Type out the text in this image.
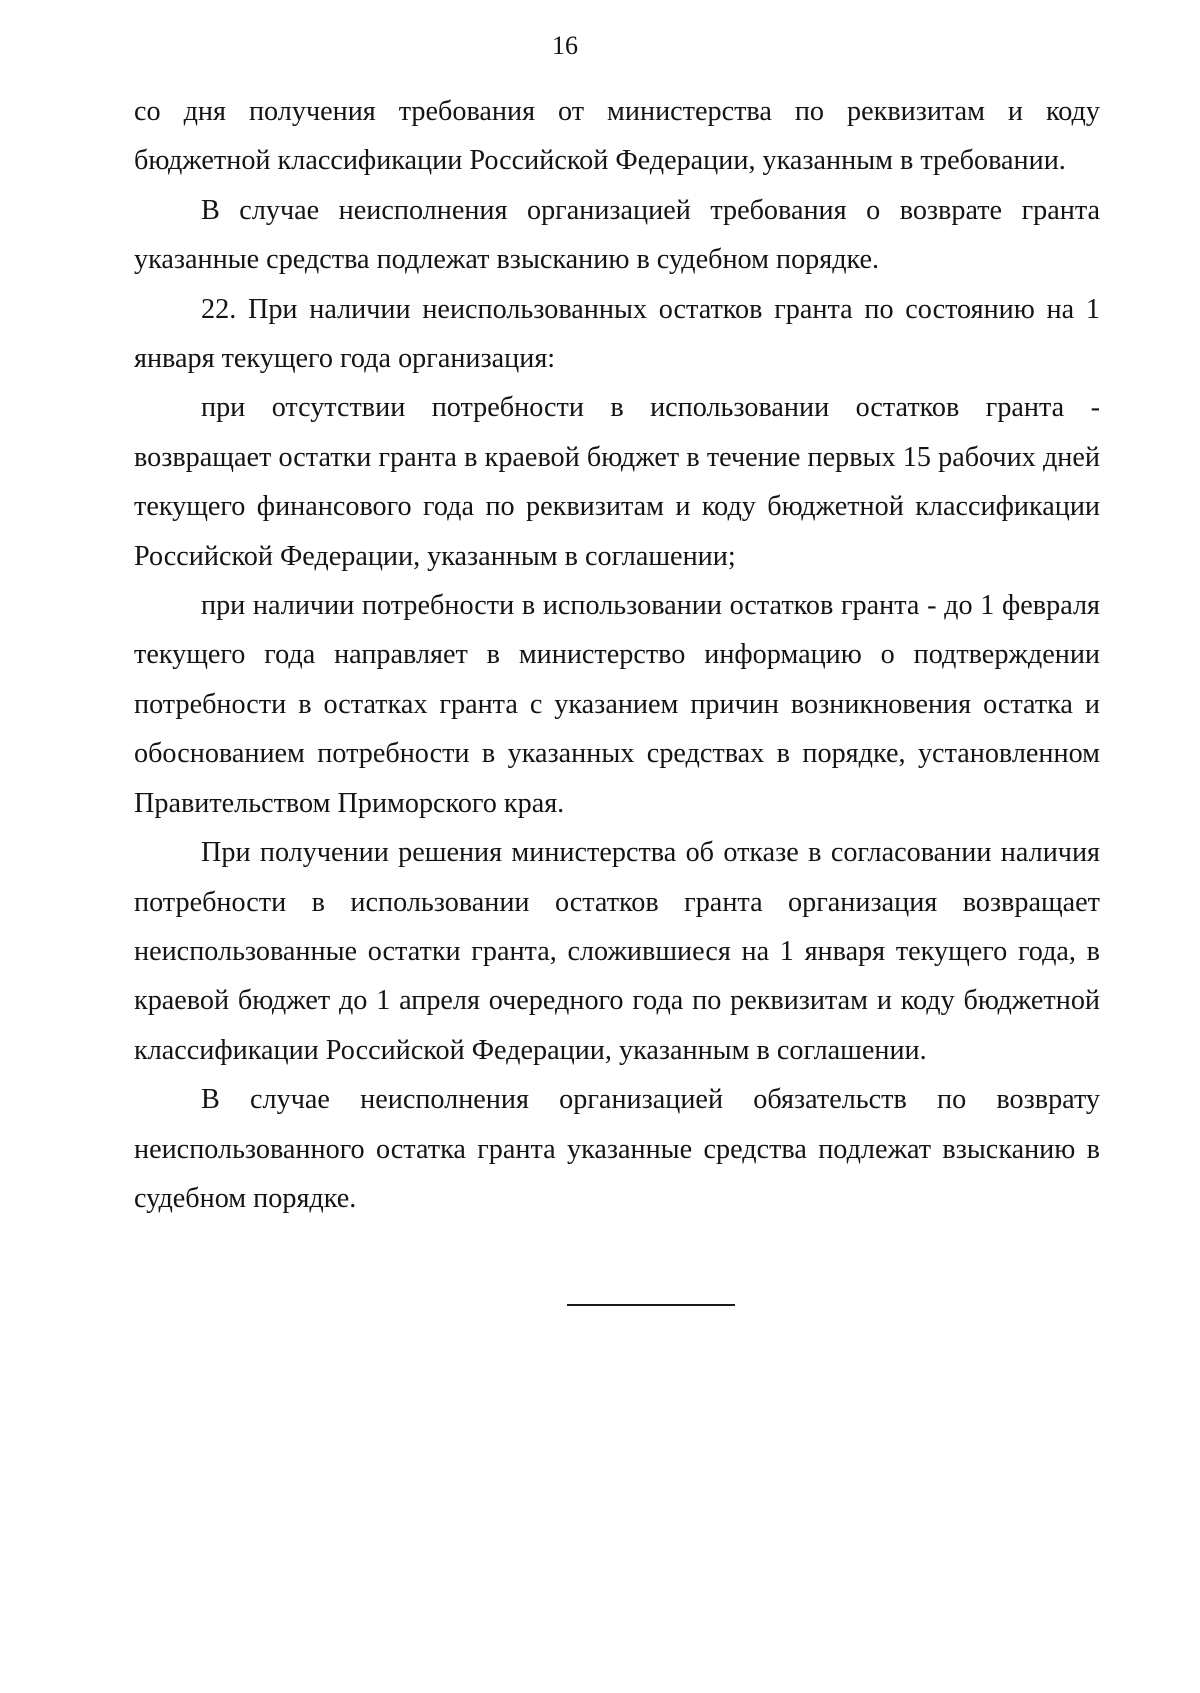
16

со дня получения требования от министерства по реквизитам и коду бюджетной классификации Российской Федерации, указанным в требовании.

В случае неисполнения организацией требования о возврате гранта указанные средства подлежат взысканию в судебном порядке.

22. При наличии неиспользованных остатков гранта по состоянию на 1 января текущего года организация:

при отсутствии потребности в использовании остатков гранта - возвращает остатки гранта в краевой бюджет в течение первых 15 рабочих дней текущего финансового года по реквизитам и коду бюджетной классификации Российской Федерации, указанным в соглашении;

при наличии потребности в использовании остатков гранта - до 1 февраля текущего года направляет в министерство информацию о подтверждении потребности в остатках гранта с указанием причин возникновения остатка и обоснованием потребности в указанных средствах в порядке, установленном Правительством Приморского края.

При получении решения министерства об отказе в согласовании наличия потребности в использовании остатков гранта организация возвращает неиспользованные остатки гранта, сложившиеся на 1 января текущего года, в краевой бюджет до 1 апреля очередного года по реквизитам и коду бюджетной классификации Российской Федерации, указанным в соглашении.

В случае неисполнения организацией обязательств по возврату неиспользованного остатка гранта указанные средства подлежат взысканию в судебном порядке.
